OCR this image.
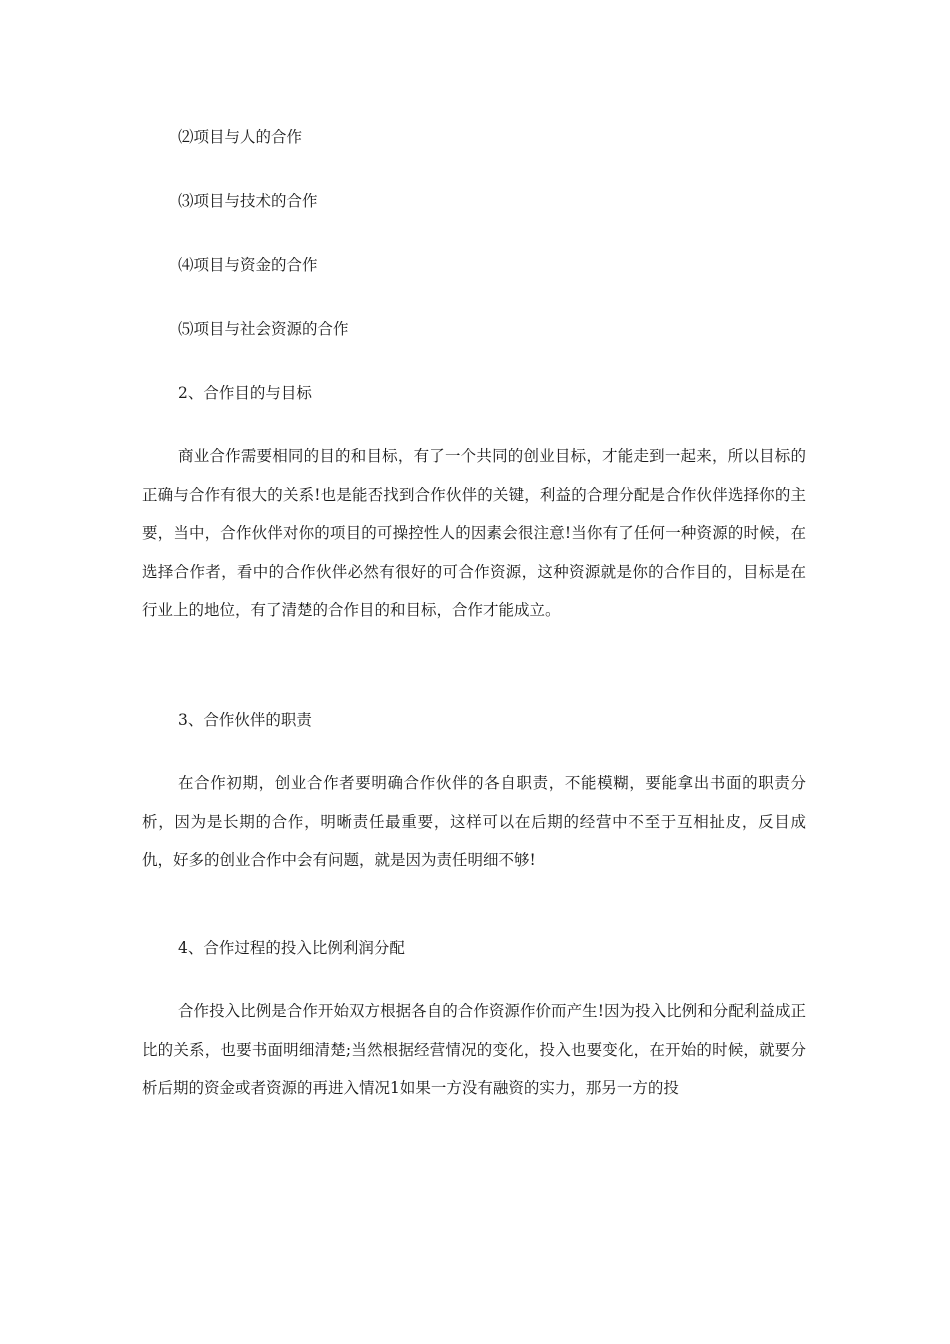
⑵项目与人的合作
⑶项目与技术的合作
⑷项目与资金的合作
⑸项目与社会资源的合作
2、合作目的与目标

商业合作需要相同的目的和目标，有了一个共同的创业目标，才能走到一起来，所以目标的正确与合作有很大的关系!也是能否找到合作伙伴的关键，利益的合理分配是合作伙伴选择你的主要，当中，合作伙伴对你的项目的可操控性人的因素会很注意!当你有了任何一种资源的时候，在选择合作者，看中的合作伙伴必然有很好的可合作资源，这种资源就是你的合作目的，目标是在行业上的地位，有了清楚的合作目的和目标，合作才能成立。

3、合作伙伴的职责

在合作初期，创业合作者要明确合作伙伴的各自职责，不能模糊，要能拿出书面的职责分析，因为是长期的合作，明晰责任最重要，这样可以在后期的经营中不至于互相扯皮，反目成仇，好多的创业合作中会有问题，就是因为责任明细不够!

4、合作过程的投入比例利润分配

合作投入比例是合作开始双方根据各自的合作资源作价而产生!因为投入比例和分配利益成正比的关系，也要书面明细清楚;当然根据经营情况的变化，投入也要变化，在开始的时候，就要分析后期的资金或者资源的再进入情况1如果一方没有融资的实力，那另一方的投
